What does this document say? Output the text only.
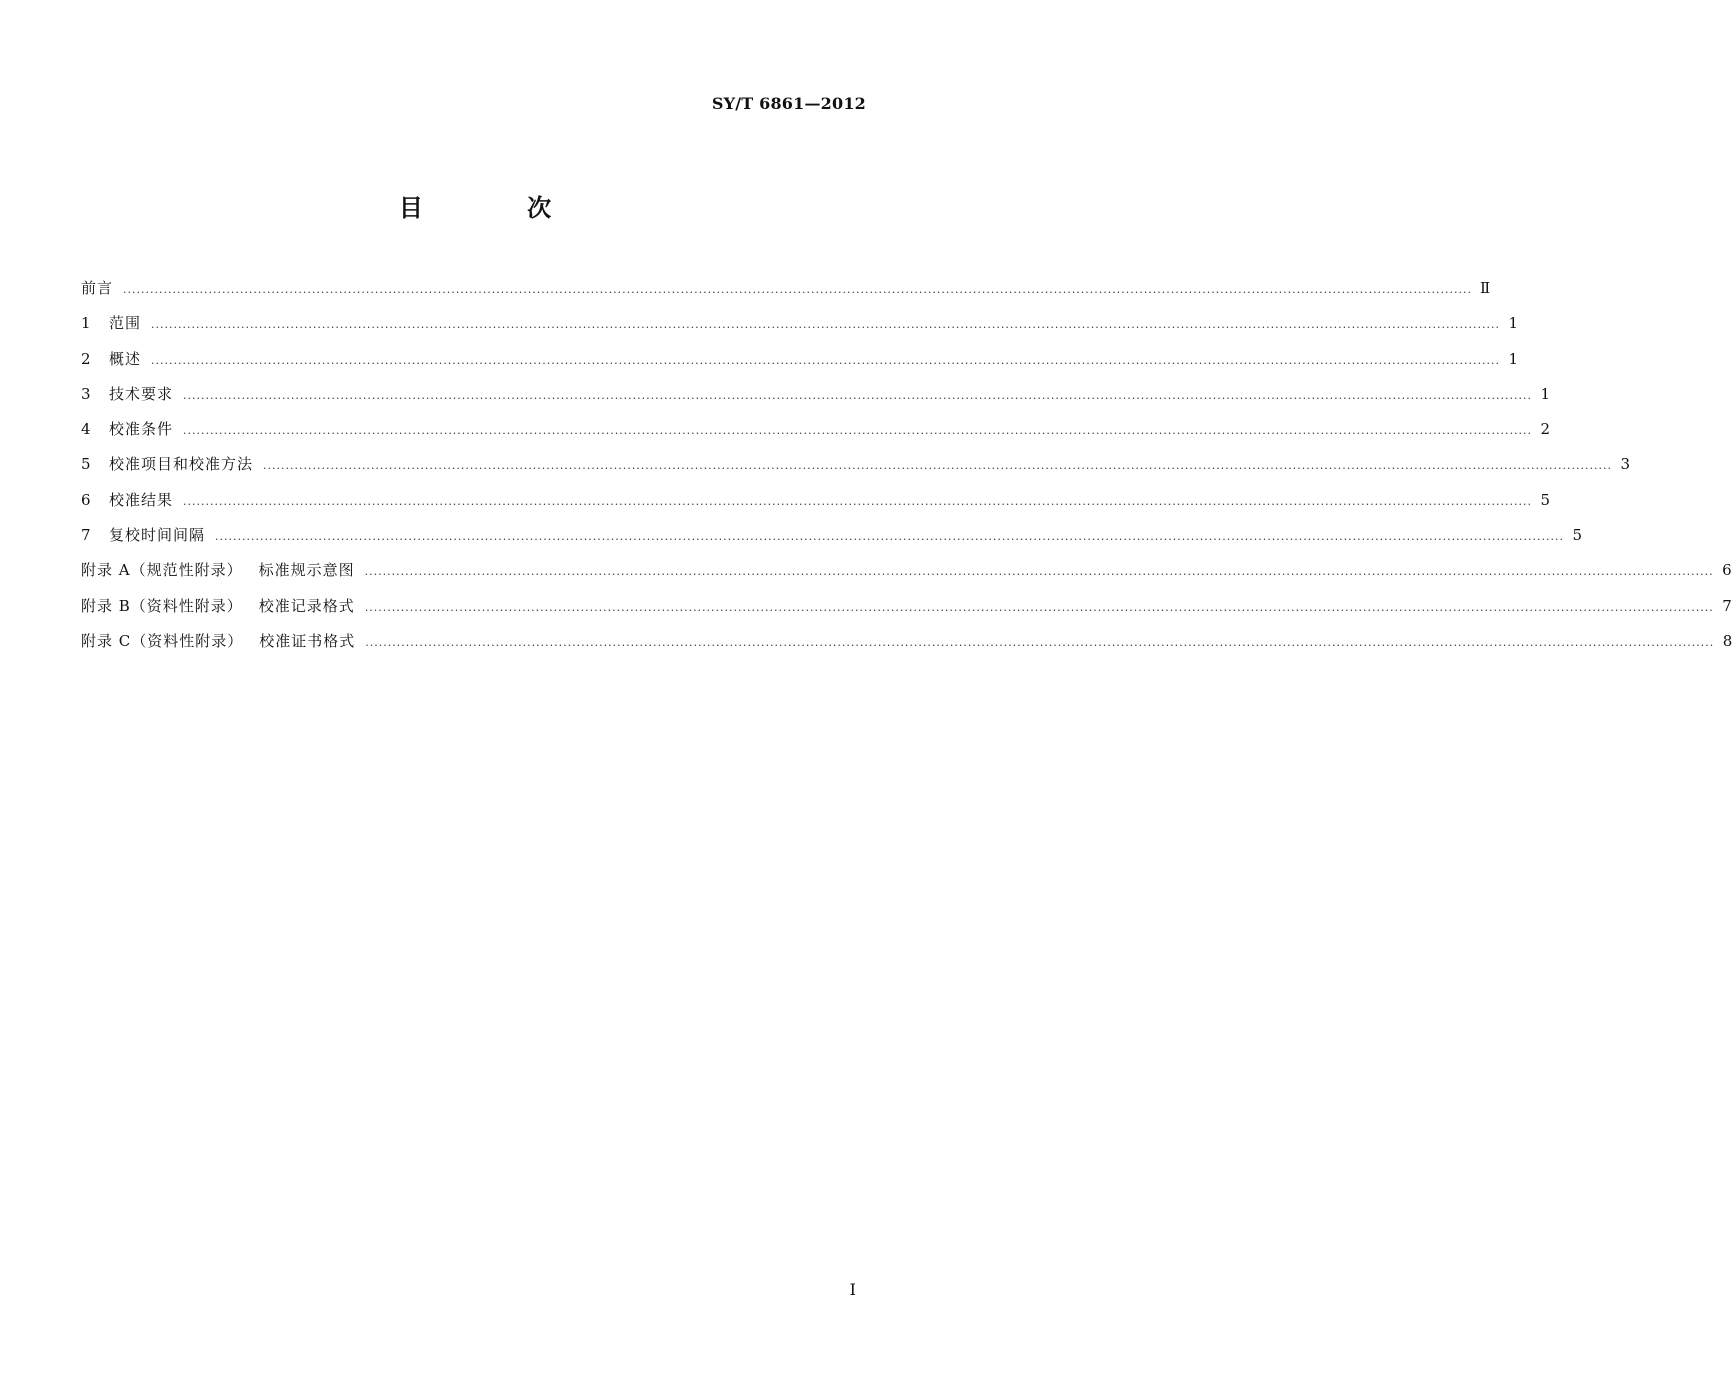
SY/T 6861—2012
目 次
前言 ............................................................................................................................................................................................................................................................................................................ Ⅱ
1	范围 ............................................................................................................................................................................................................................................................................................................ 1
2	概述 ............................................................................................................................................................................................................................................................................................................ 1
3	技术要求 ............................................................................................................................................................................................................................................................................................................ 1
4	校准条件 ............................................................................................................................................................................................................................................................................................................ 2
5	校准项目和校准方法 ............................................................................................................................................................................................................................................................................................................ 3
6	校准结果 ............................................................................................................................................................................................................................................................................................................ 5
7	复校时间间隔 ............................................................................................................................................................................................................................................................................................................ 5
附录 A（规范性附录） 标准规示意图 ............................................................................................................................................................................................................................................................................................................ 6
附录 B（资料性附录） 校准记录格式 ............................................................................................................................................................................................................................................................................................................ 7
附录 C（资料性附录） 校准证书格式 ............................................................................................................................................................................................................................................................................................................ 8
I
